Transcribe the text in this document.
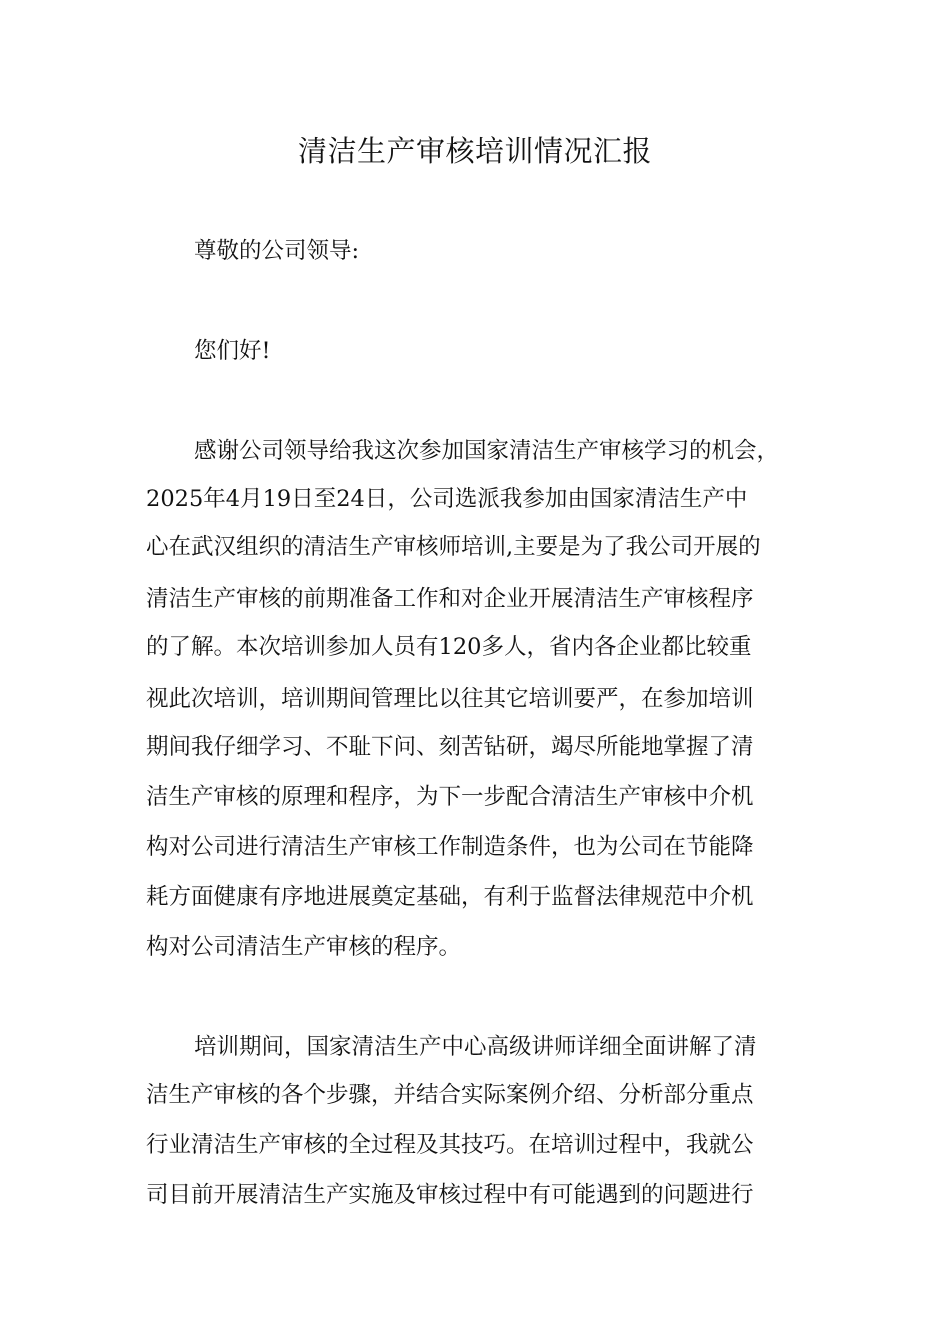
清洁生产审核培训情况汇报
尊敬的公司领导:
您们好!
感谢公司领导给我这次参加国家清洁生产审核学习的机会，
2025年4月19日至24日，公司选派我参加由国家清洁生产中
心在武汉组织的清洁生产审核师培训,主要是为了我公司开展的
清洁生产审核的前期准备工作和对企业开展清洁生产审核程序
的了解。本次培训参加人员有120多人，省内各企业都比较重
视此次培训，培训期间管理比以往其它培训要严，在参加培训
期间我仔细学习、不耻下问、刻苦钻研，竭尽所能地掌握了清
洁生产审核的原理和程序，为下一步配合清洁生产审核中介机
构对公司进行清洁生产审核工作制造条件，也为公司在节能降
耗方面健康有序地进展奠定基础，有利于监督法律规范中介机
构对公司清洁生产审核的程序。
培训期间，国家清洁生产中心高级讲师详细全面讲解了清
洁生产审核的各个步骤，并结合实际案例介绍、分析部分重点
行业清洁生产审核的全过程及其技巧。在培训过程中，我就公
司目前开展清洁生产实施及审核过程中有可能遇到的问题进行
